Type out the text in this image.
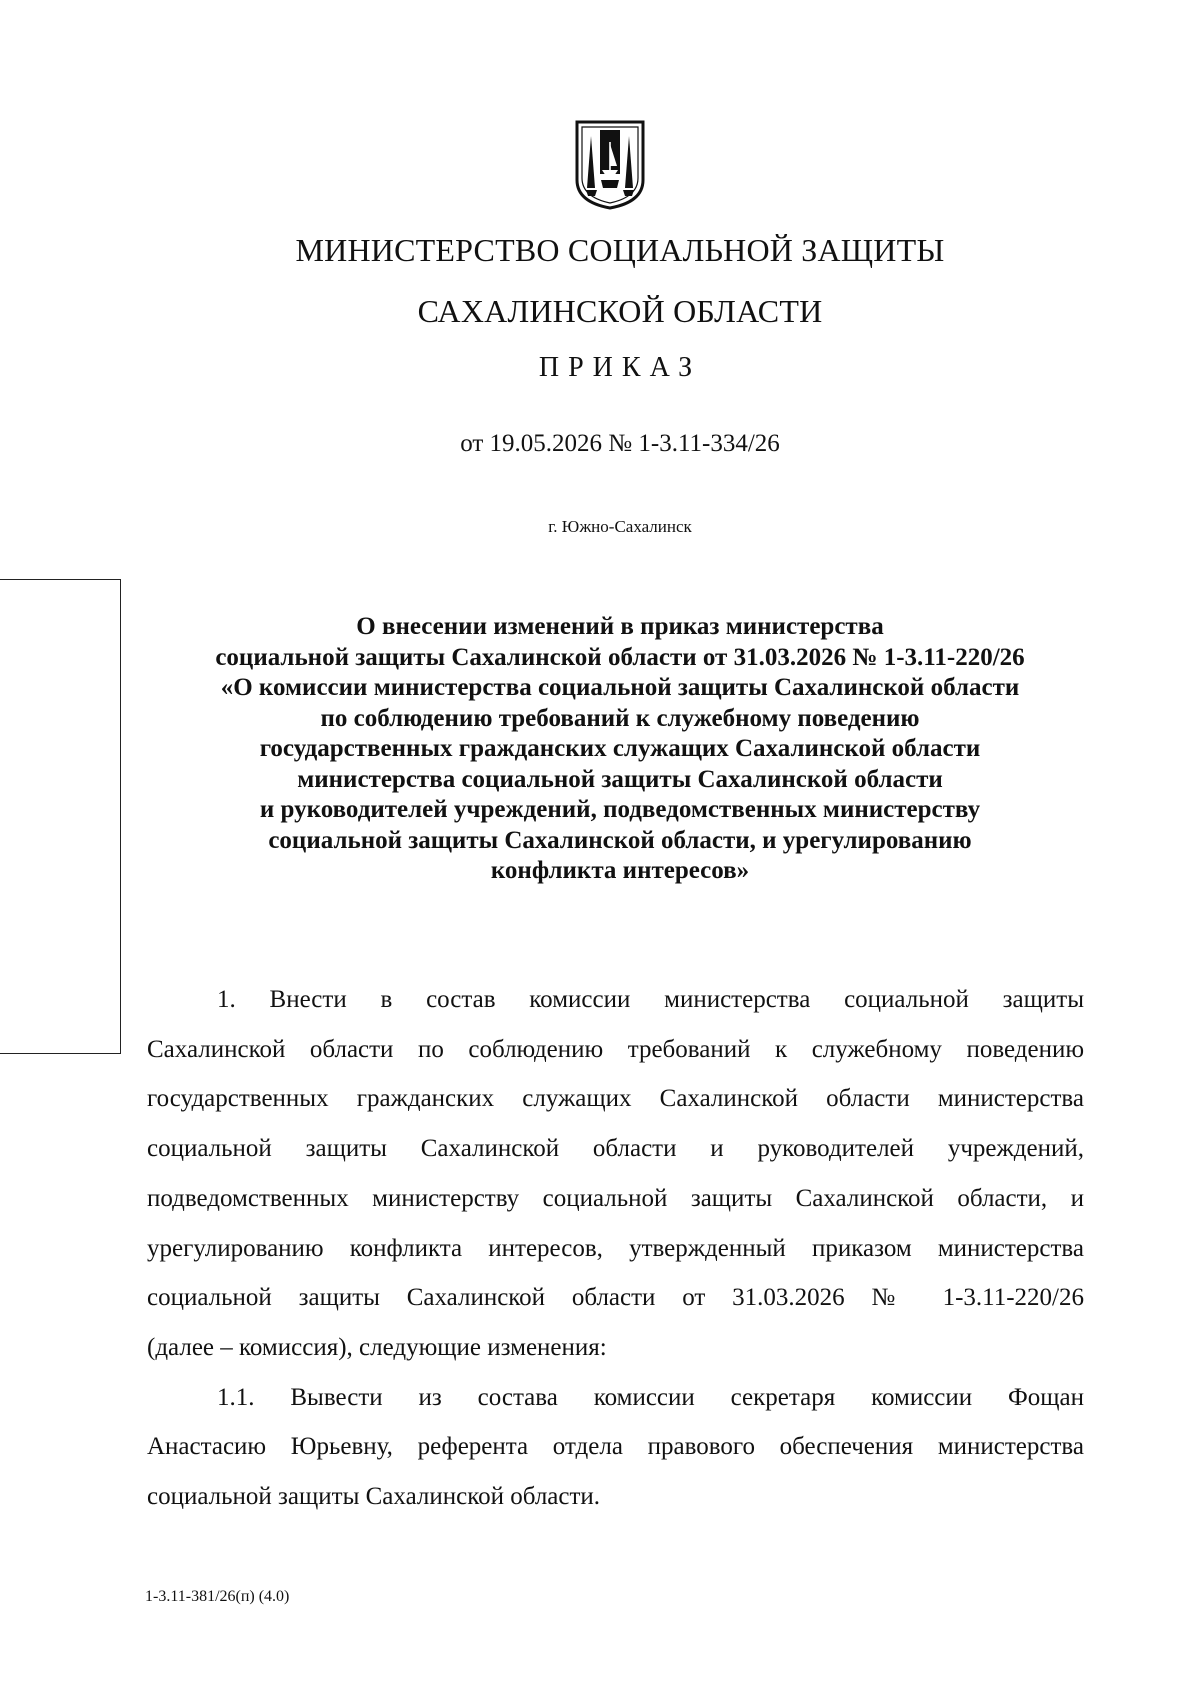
МИНИСТЕРСТВО СОЦИАЛЬНОЙ ЗАЩИТЫ
САХАЛИНСКОЙ ОБЛАСТИ
ПРИКАЗ
от 19.05.2026 № 1-3.11-334/26
г. Южно-Сахалинск
О внесении изменений в приказ министерства
социальной защиты Сахалинской области от 31.03.2026 № 1-3.11-220/26
«О комиссии министерства социальной защиты Сахалинской области
по соблюдению требований к служебному поведению
государственных гражданских служащих Сахалинской области
министерства социальной защиты Сахалинской области
и руководителей учреждений, подведомственных министерству
социальной защиты Сахалинской области, и урегулированию
конфликта интересов»
1. Внести в состав комиссии министерства социальной защиты
Сахалинской области по соблюдению требований к служебному поведению
государственных гражданских служащих Сахалинской области министерства
социальной защиты Сахалинской области и руководителей учреждений,
подведомственных министерству социальной защиты Сахалинской области, и
урегулированию конфликта интересов, утвержденный приказом министерства
социальной защиты Сахалинской области от 31.03.2026 № 1-3.11-220/26
(далее – комиссия), следующие изменения:
1.1. Вывести из состава комиссии секретаря комиссии Фощан
Анастасию Юрьевну, референта отдела правового обеспечения министерства
социальной защиты Сахалинской области.
1-3.11-381/26(п) (4.0)
